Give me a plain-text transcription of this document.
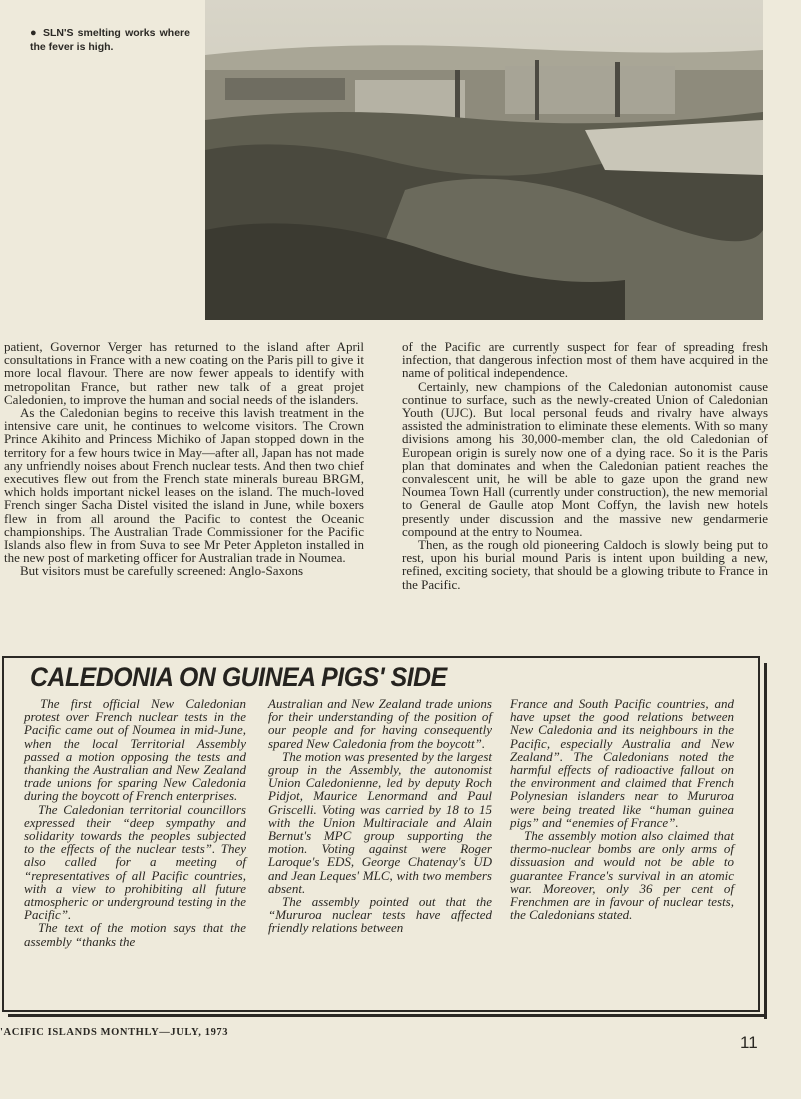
● SLN'S smelting works where the fever is high.

patient, Governor Verger has returned to the island after April consultations in France with a new coating on the Paris pill to give it more local flavour. There are now fewer appeals to identify with metropolitan France, but rather new talk of a great projet Caledonien, to improve the human and social needs of the islanders.

As the Caledonian begins to receive this lavish treatment in the intensive care unit, he continues to welcome visitors. The Crown Prince Akihito and Princess Michiko of Japan stopped down in the territory for a few hours twice in May—after all, Japan has not made any unfriendly noises about French nuclear tests. And then two chief executives flew out from the French state minerals bureau BRGM, which holds important nickel leases on the island. The much-loved French singer Sacha Distel visited the island in June, while boxers flew in from all around the Pacific to contest the Oceanic championships. The Australian Trade Commissioner for the Pacific Islands also flew in from Suva to see Mr Peter Appleton installed in the new post of marketing officer for Australian trade in Noumea.

But visitors must be carefully screened: Anglo-Saxons

of the Pacific are currently suspect for fear of spreading fresh infection, that dangerous infection most of them have acquired in the name of political independence.

Certainly, new champions of the Caledonian autonomist cause continue to surface, such as the newly-created Union of Caledonian Youth (UJC). But local personal feuds and rivalry have always assisted the administration to eliminate these elements. With so many divisions among his 30,000-member clan, the old Caledonian of European origin is surely now one of a dying race. So it is the Paris plan that dominates and when the Caledonian patient reaches the convalescent unit, he will be able to gaze upon the grand new Noumea Town Hall (currently under construction), the new memorial to General de Gaulle atop Mont Coffyn, the lavish new hotels presently under discussion and the massive new gendarmerie compound at the entry to Noumea.

Then, as the rough old pioneering Caldoch is slowly being put to rest, upon his burial mound Paris is intent upon building a new, refined, exciting society, that should be a glowing tribute to France in the Pacific.

CALEDONIA ON GUINEA PIGS' SIDE

The first official New Caledonian protest over French nuclear tests in the Pacific came out of Noumea in mid-June, when the local Territorial Assembly passed a motion opposing the tests and thanking the Australian and New Zealand trade unions for sparing New Caledonia during the boycott of French enterprises.

The Caledonian territorial councillors expressed their “deep sympathy and solidarity towards the peoples subjected to the effects of the nuclear tests”. They also called for a meeting of “representatives of all Pacific countries, with a view to prohibiting all future atmospheric or underground testing in the Pacific”.

The text of the motion says that the assembly “thanks the

Australian and New Zealand trade unions for their understanding of the position of our people and for having consequently spared New Caledonia from the boycott”.

The motion was presented by the largest group in the Assembly, the autonomist Union Caledonienne, led by deputy Roch Pidjot, Maurice Lenormand and Paul Griscelli. Voting was carried by 18 to 15 with the Union Multiraciale and Alain Bernut's MPC group supporting the motion. Voting against were Roger Laroque's EDS, George Chatenay's UD and Jean Leques' MLC, with two members absent.

The assembly pointed out that the “Mururoa nuclear tests have affected friendly relations between

France and South Pacific countries, and have upset the good relations between New Caledonia and its neighbours in the Pacific, especially Australia and New Zealand”. The Caledonians noted the harmful effects of radioactive fallout on the environment and claimed that French Polynesian islanders near to Mururoa were being treated like “human guinea pigs” and “enemies of France”.

The assembly motion also claimed that thermo-nuclear bombs are only arms of dissuasion and would not be able to guarantee France's survival in an atomic war. Moreover, only 36 per cent of Frenchmen are in favour of nuclear tests, the Caledonians stated.

'ACIFIC ISLANDS MONTHLY—JULY, 1973
11
